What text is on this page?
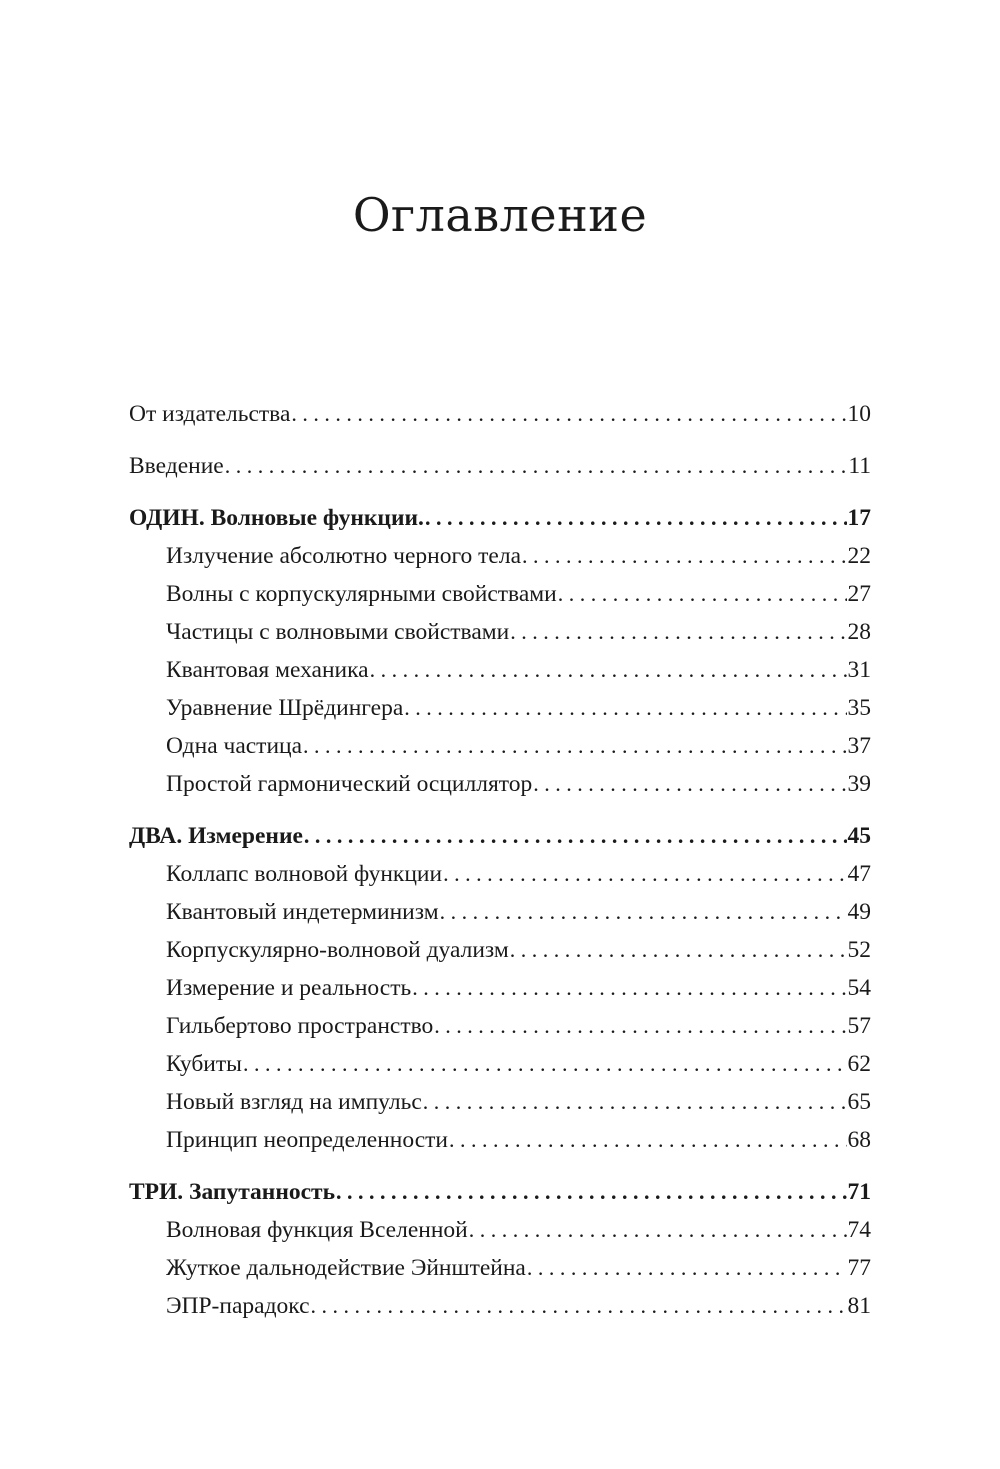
Оглавление
От издательства . . .	10
Введение . . .	11
ОДИН. Волновые функции. . . .	17
Излучение абсолютно черного тела . . .	22
Волны с корпускулярными свойствами . . .	27
Частицы с волновыми свойствами . . .	28
Квантовая механика . . .	31
Уравнение Шрёдингера . . .	35
Одна частица . . .	37
Простой гармонический осциллятор . . .	39
ДВА. Измерение . . .	45
Коллапс волновой функции . . .	47
Квантовый индетерминизм . . .	49
Корпускулярно-волновой дуализм . . .	52
Измерение и реальность . . .	54
Гильбертово пространство . . .	57
Кубиты . . .	62
Новый взгляд на импульс . . .	65
Принцип неопределенности . . .	68
ТРИ. Запутанность . . .	71
Волновая функция Вселенной . . .	74
Жуткое дальнодействие Эйнштейна . . .	77
ЭПР-парадокс . . .	81
